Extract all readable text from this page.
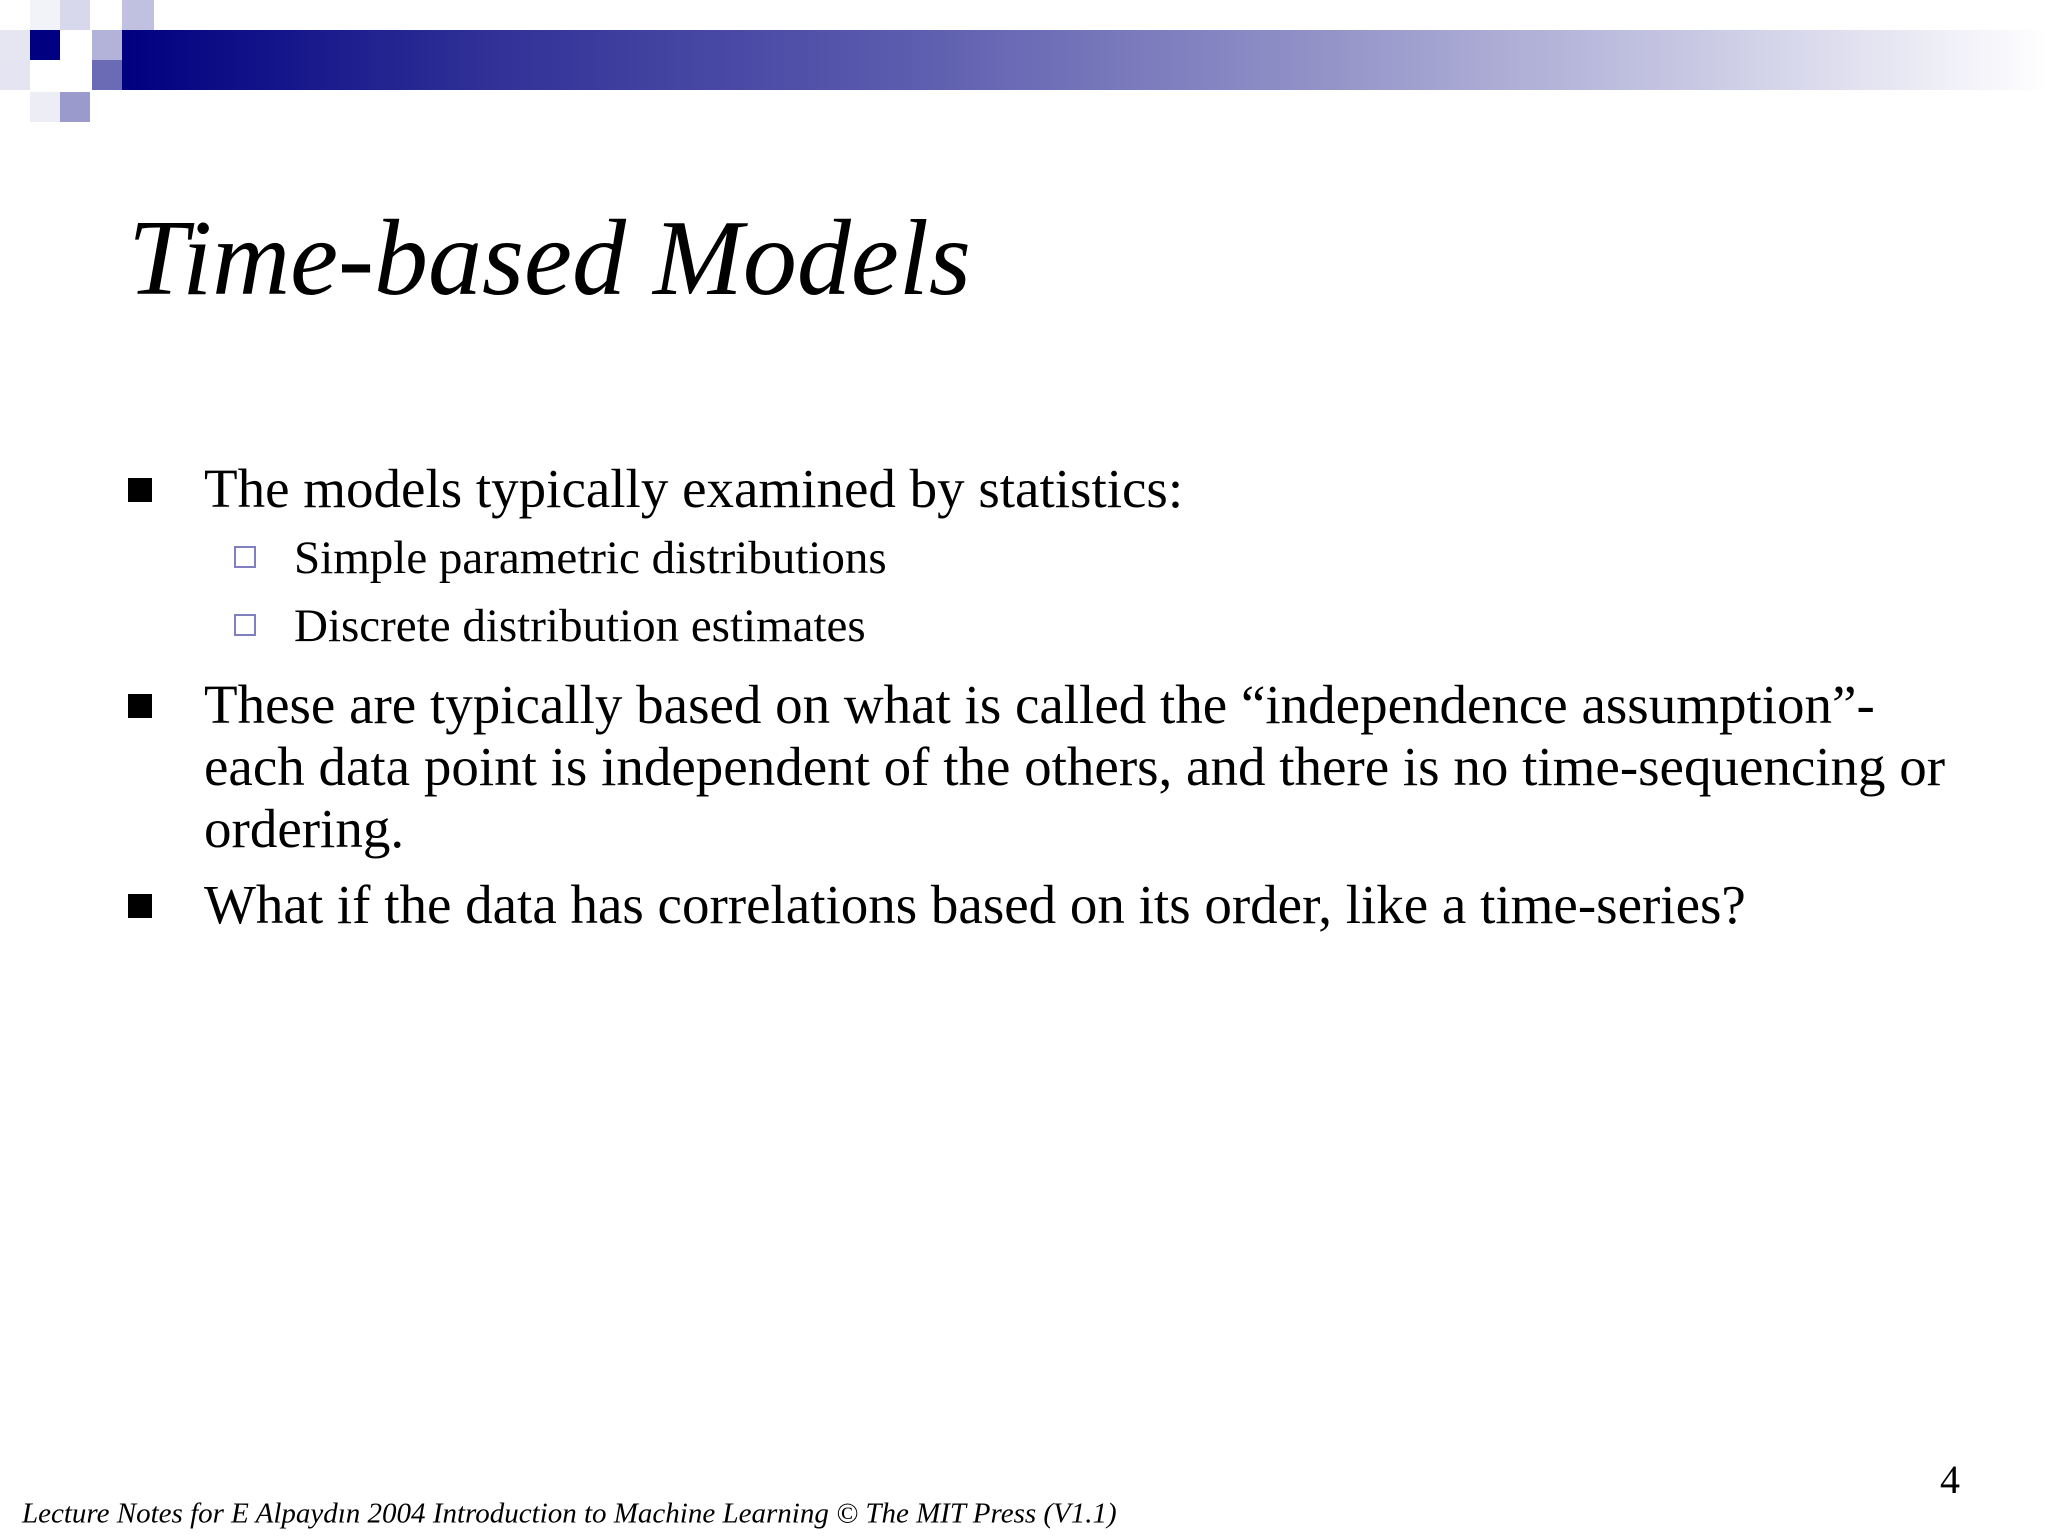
Time-based Models
The models typically examined by statistics:
Simple parametric distributions
Discrete distribution estimates
These are typically based on what is called the “independence assumption”- each data point is independent of the others, and there is no time-sequencing or ordering.
What if the data has correlations based on its order, like a time-series?
4
Lecture Notes for E Alpaydın 2004 Introduction to Machine Learning © The MIT Press (V1.1)
